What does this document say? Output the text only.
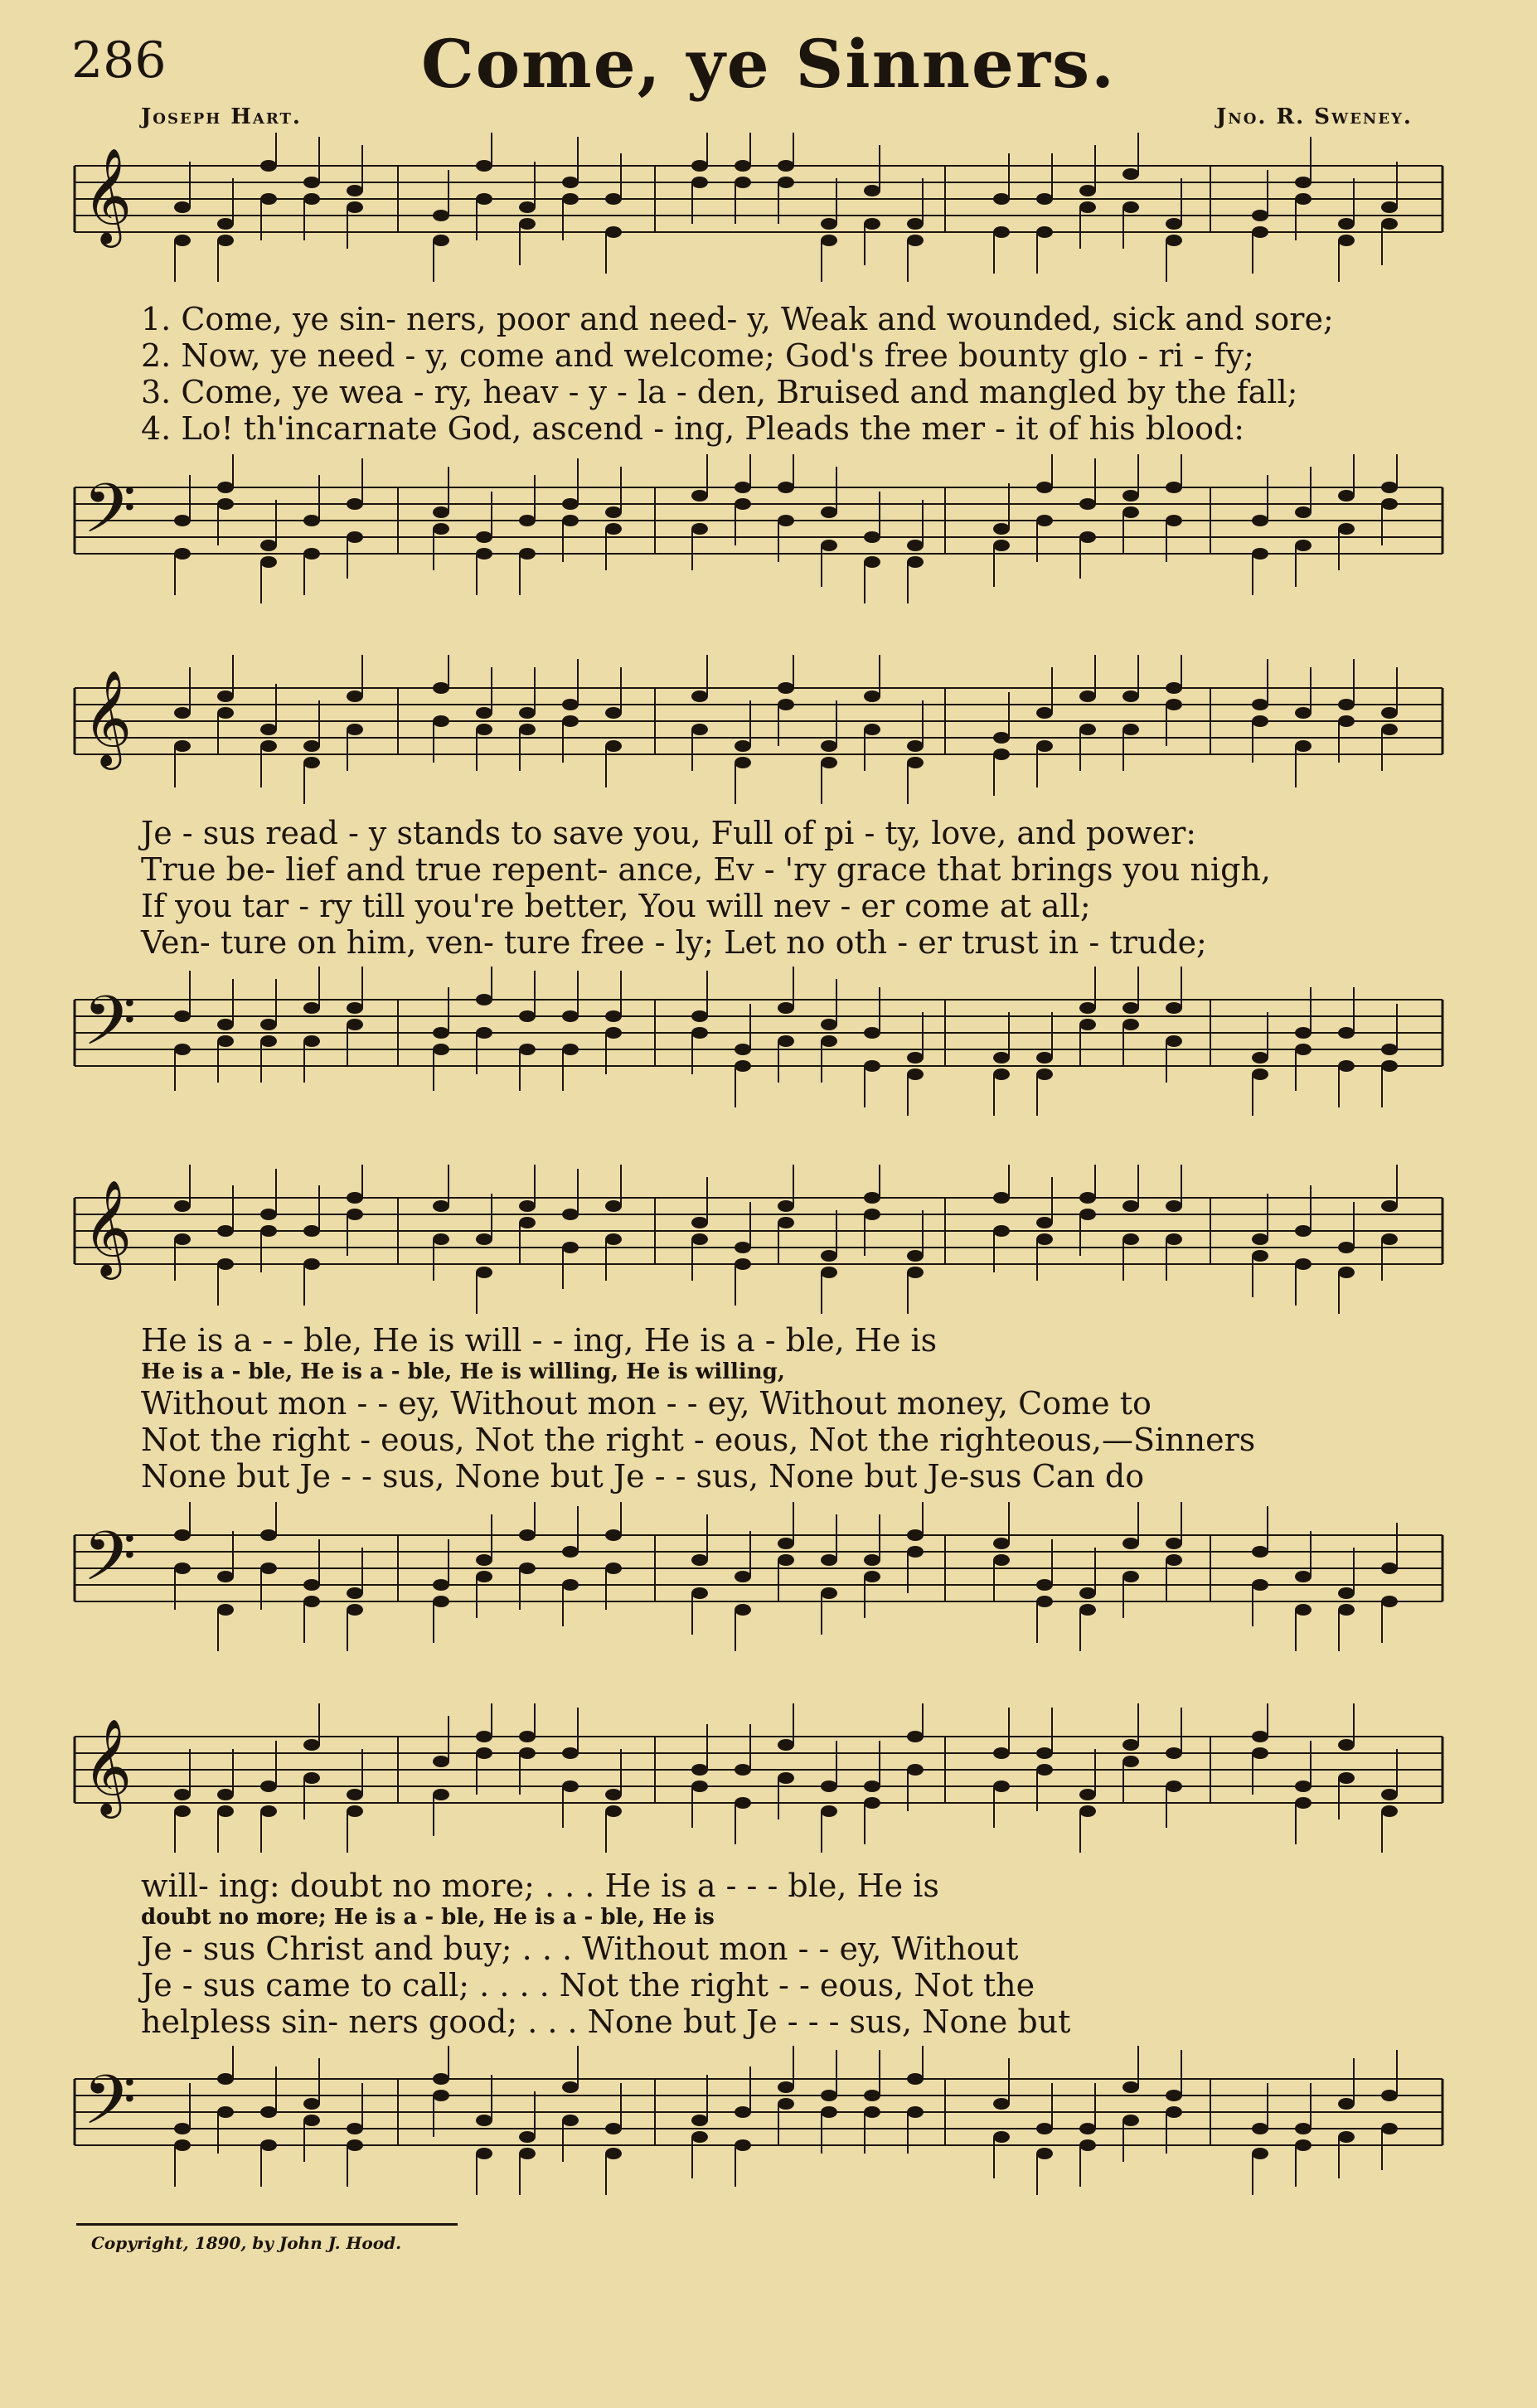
286	Come, ye Sinners.
Joseph Hart.	Jno. R. Sweney.
𝄞
1. Come, ye sin- ners, poor and need- y, Weak and wounded, sick and sore;
2. Now, ye need - y, come and welcome; God's free bounty glo - ri - fy;
3. Come, ye wea - ry, heav - y - la - den, Bruised and mangled by the fall;
4. Lo! th'incarnate God, ascend - ing, Pleads the mer - it of his blood:
𝄢
𝄞
Je - sus read - y stands to save you, Full of pi - ty, love, and power:
True be- lief and true repent- ance, Ev - 'ry grace that brings you nigh,
If you tar - ry till you're better, You will nev - er come at all;
Ven- ture on him, ven- ture free - ly; Let no oth - er trust in - trude;
𝄢
𝄞
He is a - - ble, He is will - - ing, He is a - ble, He is
He is a - ble, He is a - ble, He is willing, He is willing,
Without mon - - ey, Without mon - - ey, Without money, Come to
Not the right - eous, Not the right - eous, Not the righteous,—Sinners
None but Je - - sus, None but Je - - sus, None but Je-sus Can do
𝄢
𝄞
will- ing: doubt no more; . . . He is a - - - ble, He is
doubt no more; He is a - ble, He is a - ble, He is
Je - sus Christ and buy; . . . Without mon - - ey, Without
Je - sus came to call; . . . . Not the right - - eous, Not the
helpless sin- ners good; . . . None but Je - - - sus, None but
𝄢
Copyright, 1890, by John J. Hood.
